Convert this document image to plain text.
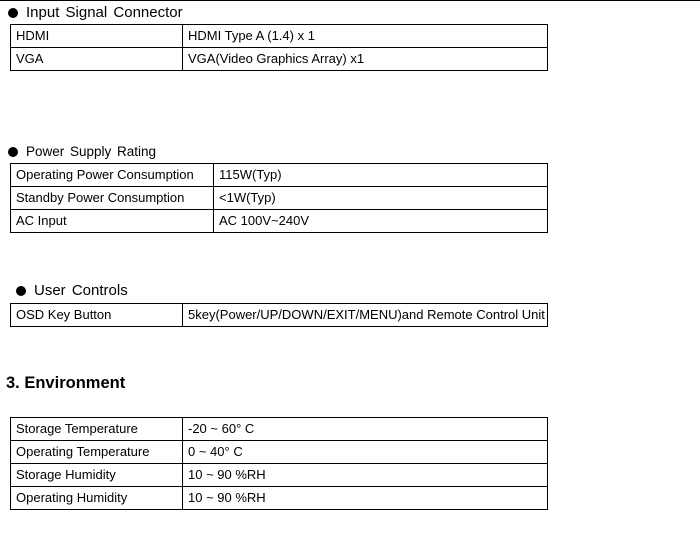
Input Signal Connector
HDMI	HDMI Type A (1.4) x 1
VGA	VGA(Video Graphics Array) x1
Power Supply Rating
Operating Power Consumption	115W(Typ)
Standby Power Consumption	<1W(Typ)
AC Input	AC 100V~240V
User Controls
OSD Key Button	5key(Power/UP/DOWN/EXIT/MENU)and Remote Control Unit
3. Environment
Storage Temperature	-20 ~ 60° C
Operating Temperature	0 ~ 40° C
Storage Humidity	10 ~ 90 %RH
Operating Humidity	10 ~ 90 %RH
